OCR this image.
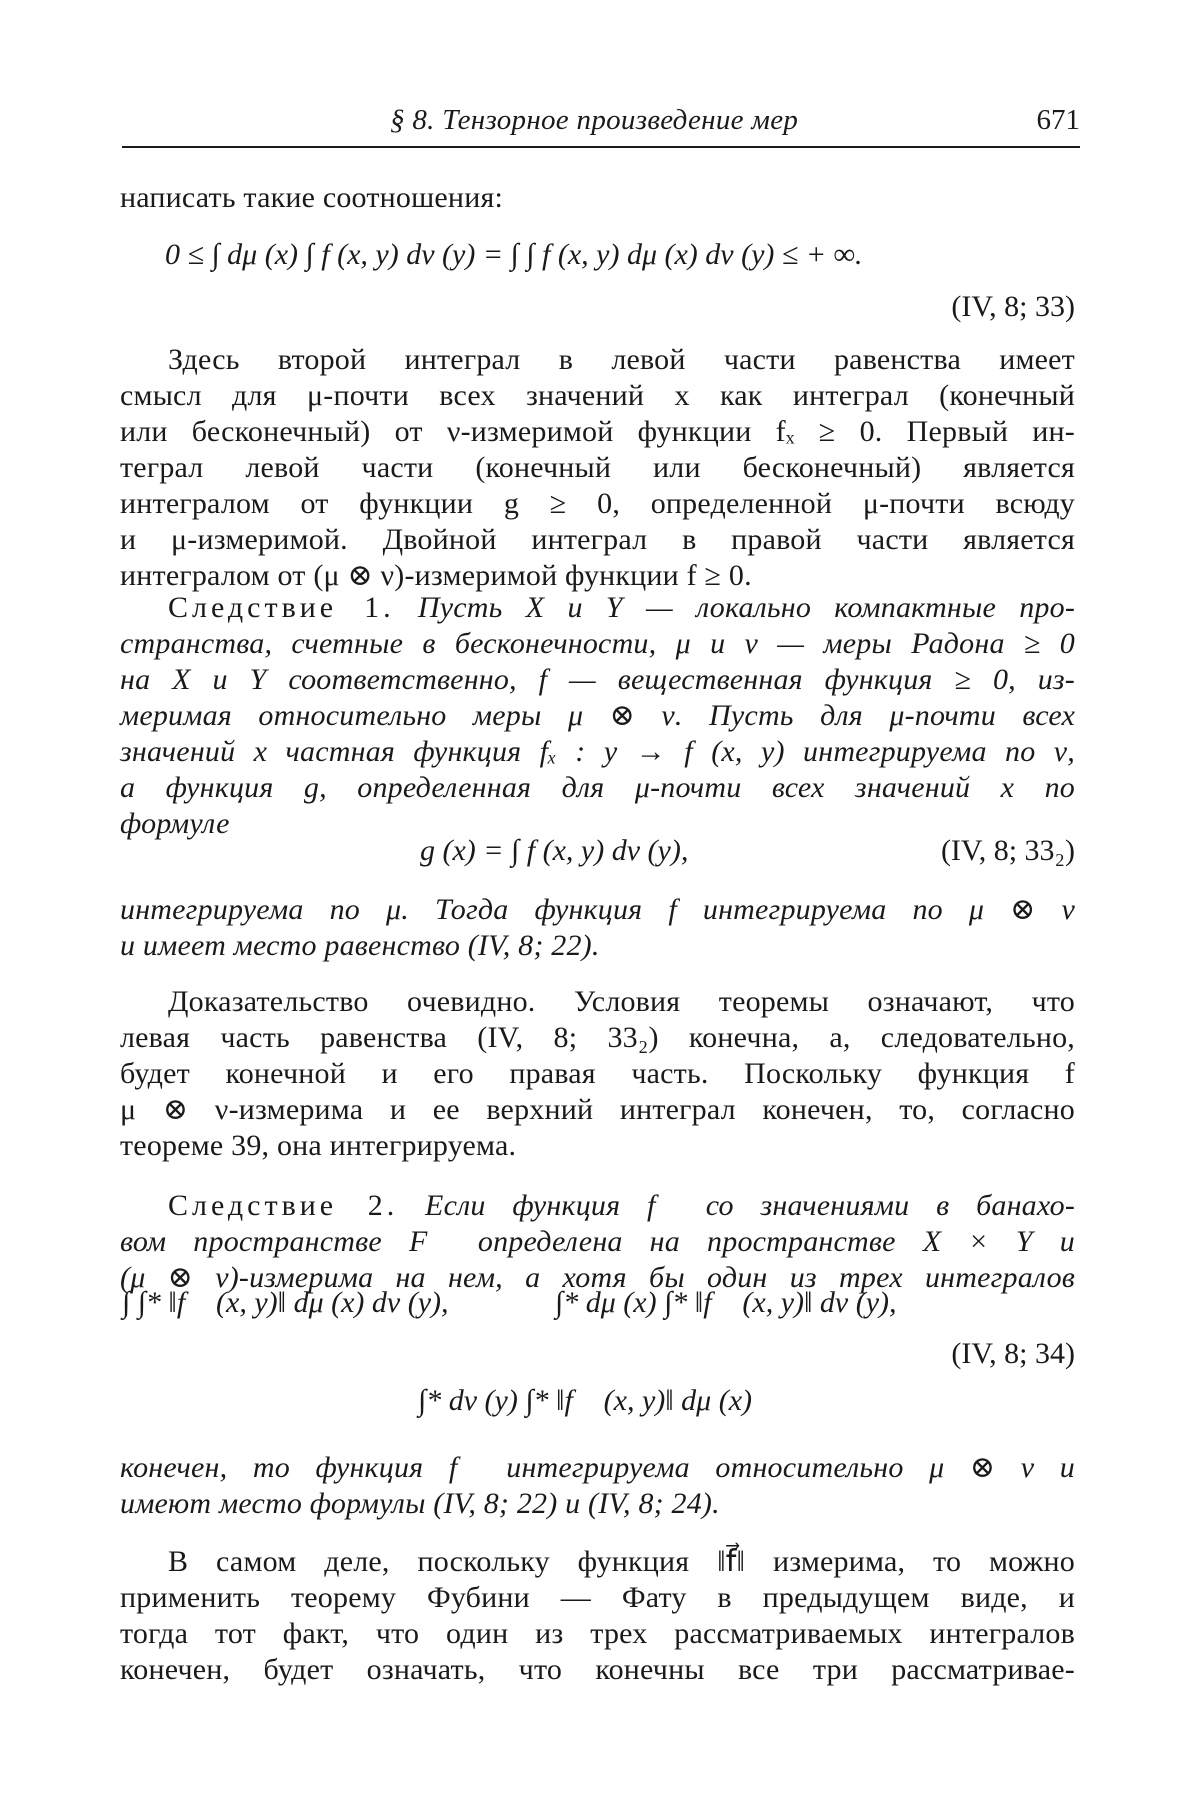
§ 8. Тензорное произведение мер	671
написать такие соотношения:
0 ≤ ∫ dμ (x) ∫ f (x, y) dν (y) = ∫ ∫ f (x, y) dμ (x) dν (y) ≤ + ∞.
(IV, 8; 33)
Здесь второй интеграл в левой части равенства имеет
смысл для μ-почти всех значений x как интеграл (конечный
или бесконечный) от ν-измеримой функции fₓ ≥ 0. Первый ин-
теграл левой части (конечный или бесконечный) является
интегралом от функции g ≥ 0, определенной μ-почти всюду
и μ-измеримой. Двойной интеграл в правой части является
интегралом от (μ ⊗ ν)-измеримой функции f ≥ 0.
Следствие 1. Пусть X и Y — локально компактные про-
странства, счетные в бесконечности, μ и ν — меры Радона ≥ 0
на X и Y соответственно, f — вещественная функция ≥ 0, из-
меримая относительно меры μ ⊗ ν. Пусть для μ-почти всех
значений x частная функция fₓ : y → f (x, y) интегрируема по ν,
а функция g, определенная для μ-почти всех значений x по
формуле
g (x) = ∫ f (x, y) dν (y),	(IV, 8; 33₂)
интегрируема по μ. Тогда функция f интегрируема по μ ⊗ ν
и имеет место равенство (IV, 8; 22).
Доказательство очевидно. Условия теоремы означают, что
левая часть равенства (IV, 8; 33₂) конечна, а, следовательно,
будет конечной и его правая часть. Поскольку функция f
μ ⊗ ν-измерима и ее верхний интеграл конечен, то, согласно
теореме 39, она интегрируема.
Следствие 2. Если функция f⃗ со значениями в банахо-
вом пространстве F⃗ определена на пространстве X × Y и
(μ ⊗ ν)-измерима на нем, а хотя бы один из трех интегралов
∫ ∫* ‖f⃗ (x, y)‖ dμ (x) dν (y),	∫* dμ (x) ∫* ‖f⃗ (x, y)‖ dν (y),
(IV, 8; 34)
∫* dν (y) ∫* ‖f⃗ (x, y)‖ dμ (x)
конечен, то функция f⃗ интегрируема относительно μ ⊗ ν и
имеют место формулы (IV, 8; 22) и (IV, 8; 24).
В самом деле, поскольку функция ‖f⃗‖ измерима, то можно
применить теорему Фубини — Фату в предыдущем виде, и
тогда тот факт, что один из трех рассматриваемых интегралов
конечен, будет означать, что конечны все три рассматривае-
